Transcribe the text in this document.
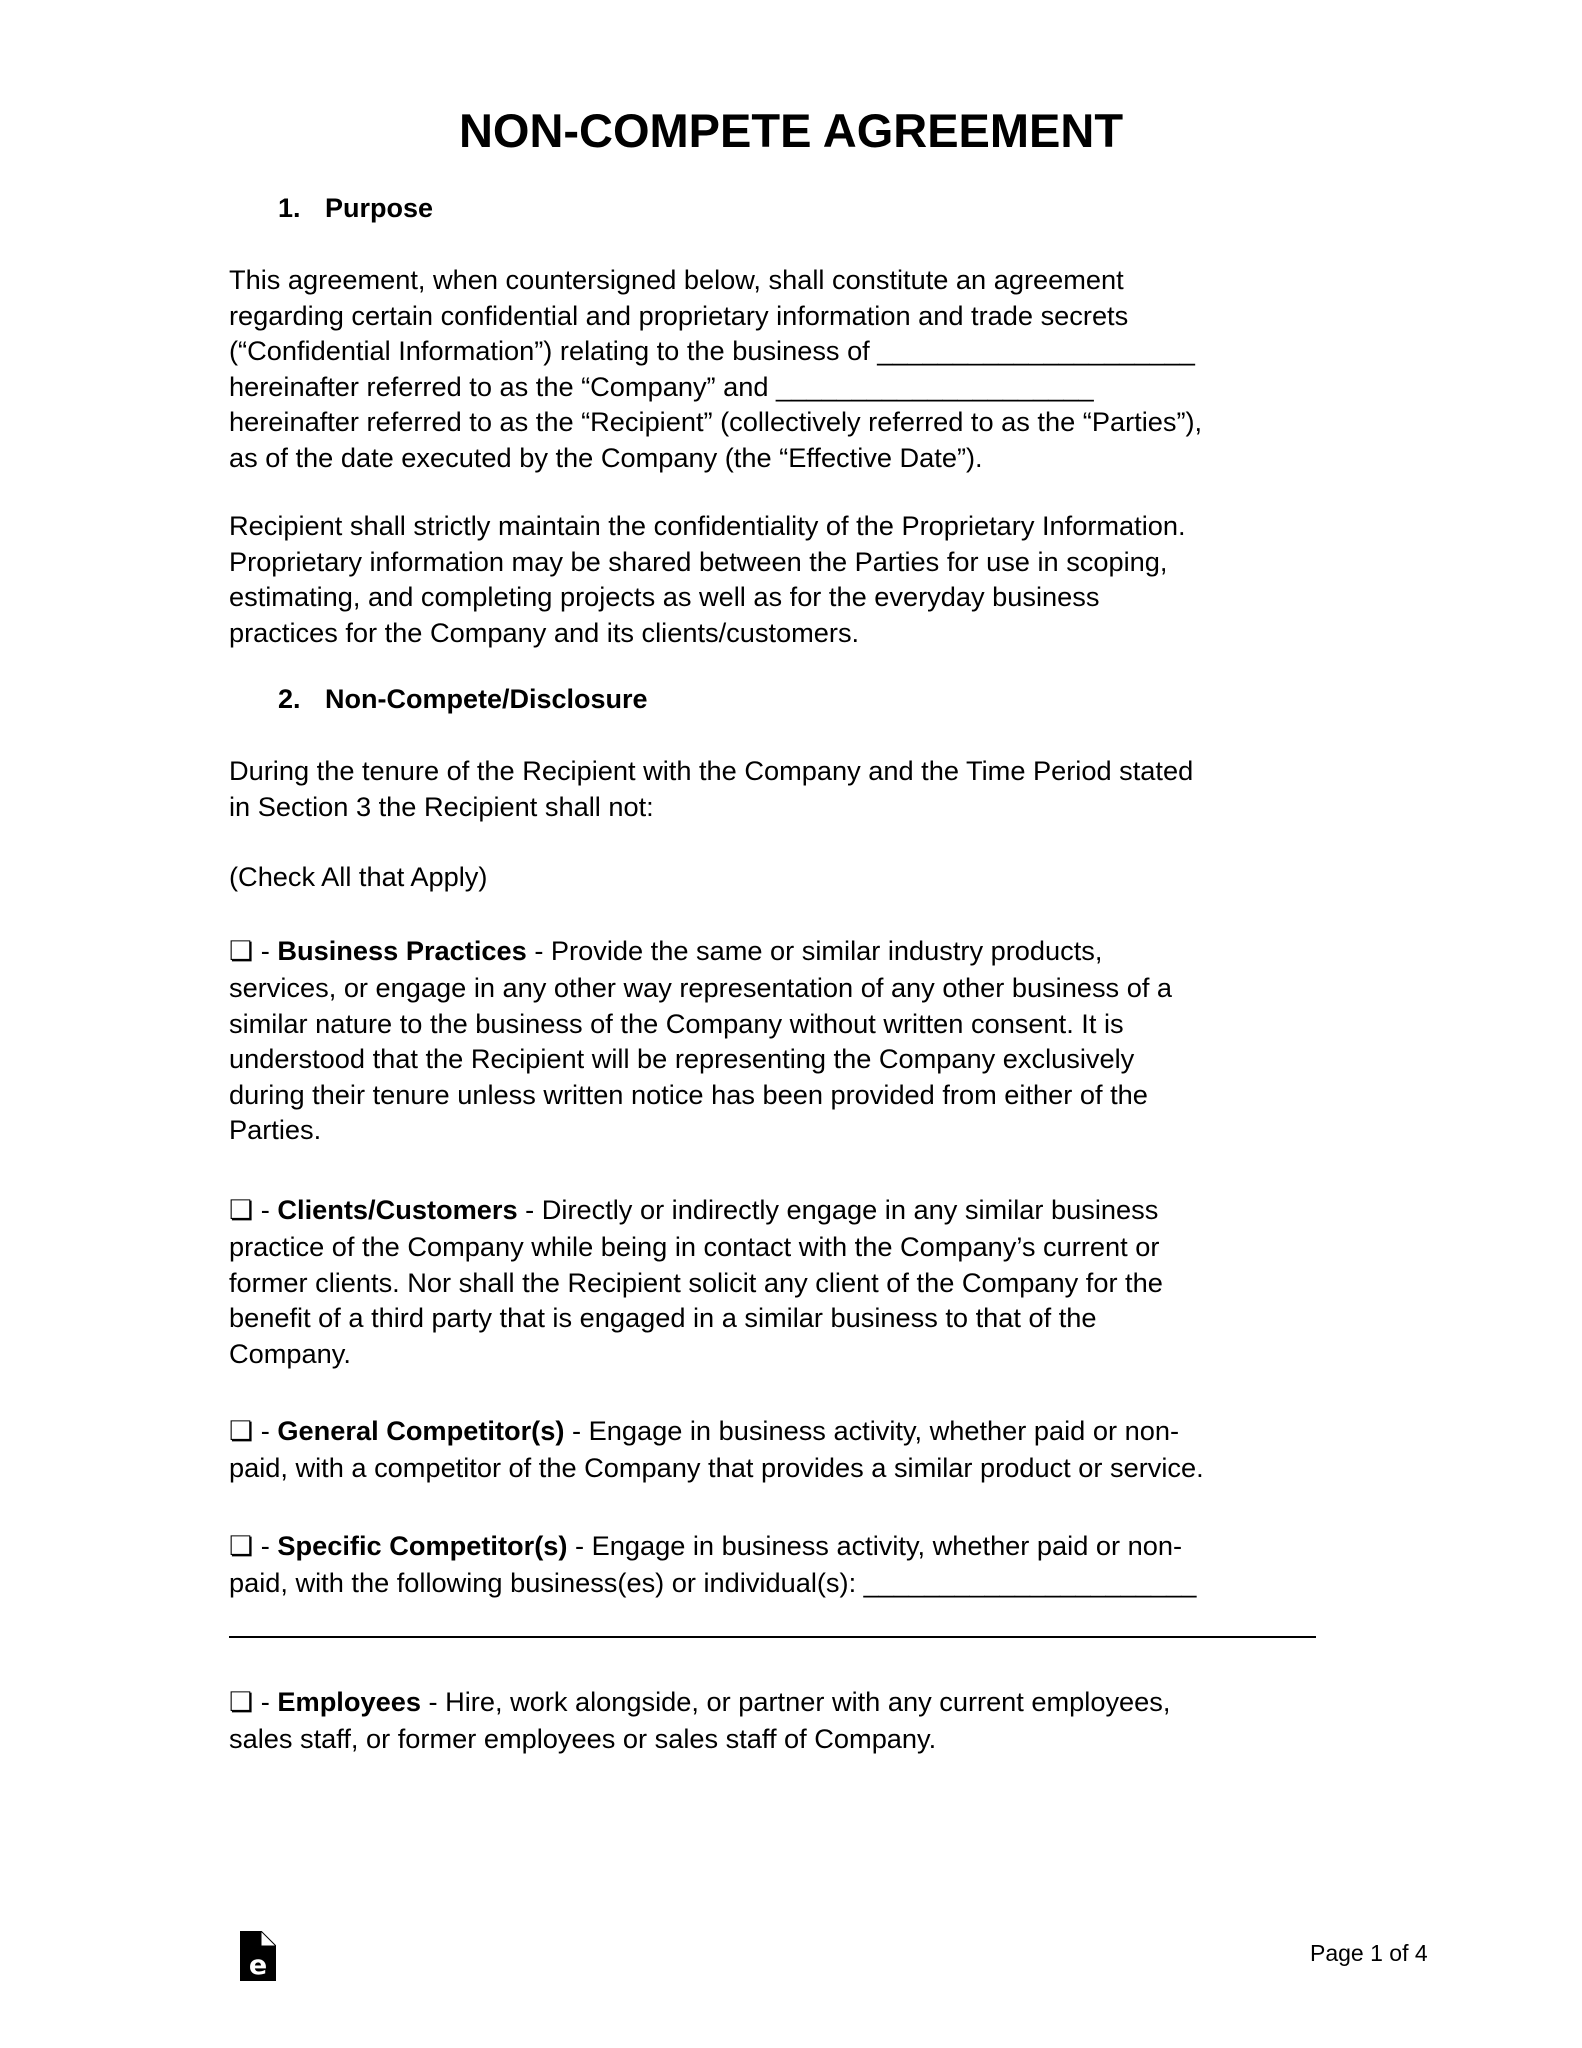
NON-COMPETE AGREEMENT
1. Purpose
This agreement, when countersigned below, shall constitute an agreement
regarding certain confidential and proprietary information and trade secrets
(“Confidential Information”) relating to the business of _____________________
hereinafter referred to as the “Company” and _____________________
hereinafter referred to as the “Recipient” (collectively referred to as the “Parties”),
as of the date executed by the Company (the “Effective Date”).
Recipient shall strictly maintain the confidentiality of the Proprietary Information.
Proprietary information may be shared between the Parties for use in scoping,
estimating, and completing projects as well as for the everyday business
practices for the Company and its clients/customers.
2. Non-Compete/Disclosure
During the tenure of the Recipient with the Company and the Time Period stated
in Section 3 the Recipient shall not:
(Check All that Apply)
❏ - Business Practices - Provide the same or similar industry products,
services, or engage in any other way representation of any other business of a
similar nature to the business of the Company without written consent. It is
understood that the Recipient will be representing the Company exclusively
during their tenure unless written notice has been provided from either of the
Parties.
❏ - Clients/Customers - Directly or indirectly engage in any similar business
practice of the Company while being in contact with the Company’s current or
former clients. Nor shall the Recipient solicit any client of the Company for the
benefit of a third party that is engaged in a similar business to that of the
Company.
❏ - General Competitor(s) - Engage in business activity, whether paid or non-
paid, with a competitor of the Company that provides a similar product or service.
❏ - Specific Competitor(s) - Engage in business activity, whether paid or non-
paid, with the following business(es) or individual(s): ______________________
❏ - Employees - Hire, work alongside, or partner with any current employees,
sales staff, or former employees or sales staff of Company.
e	Page 1 of 4
